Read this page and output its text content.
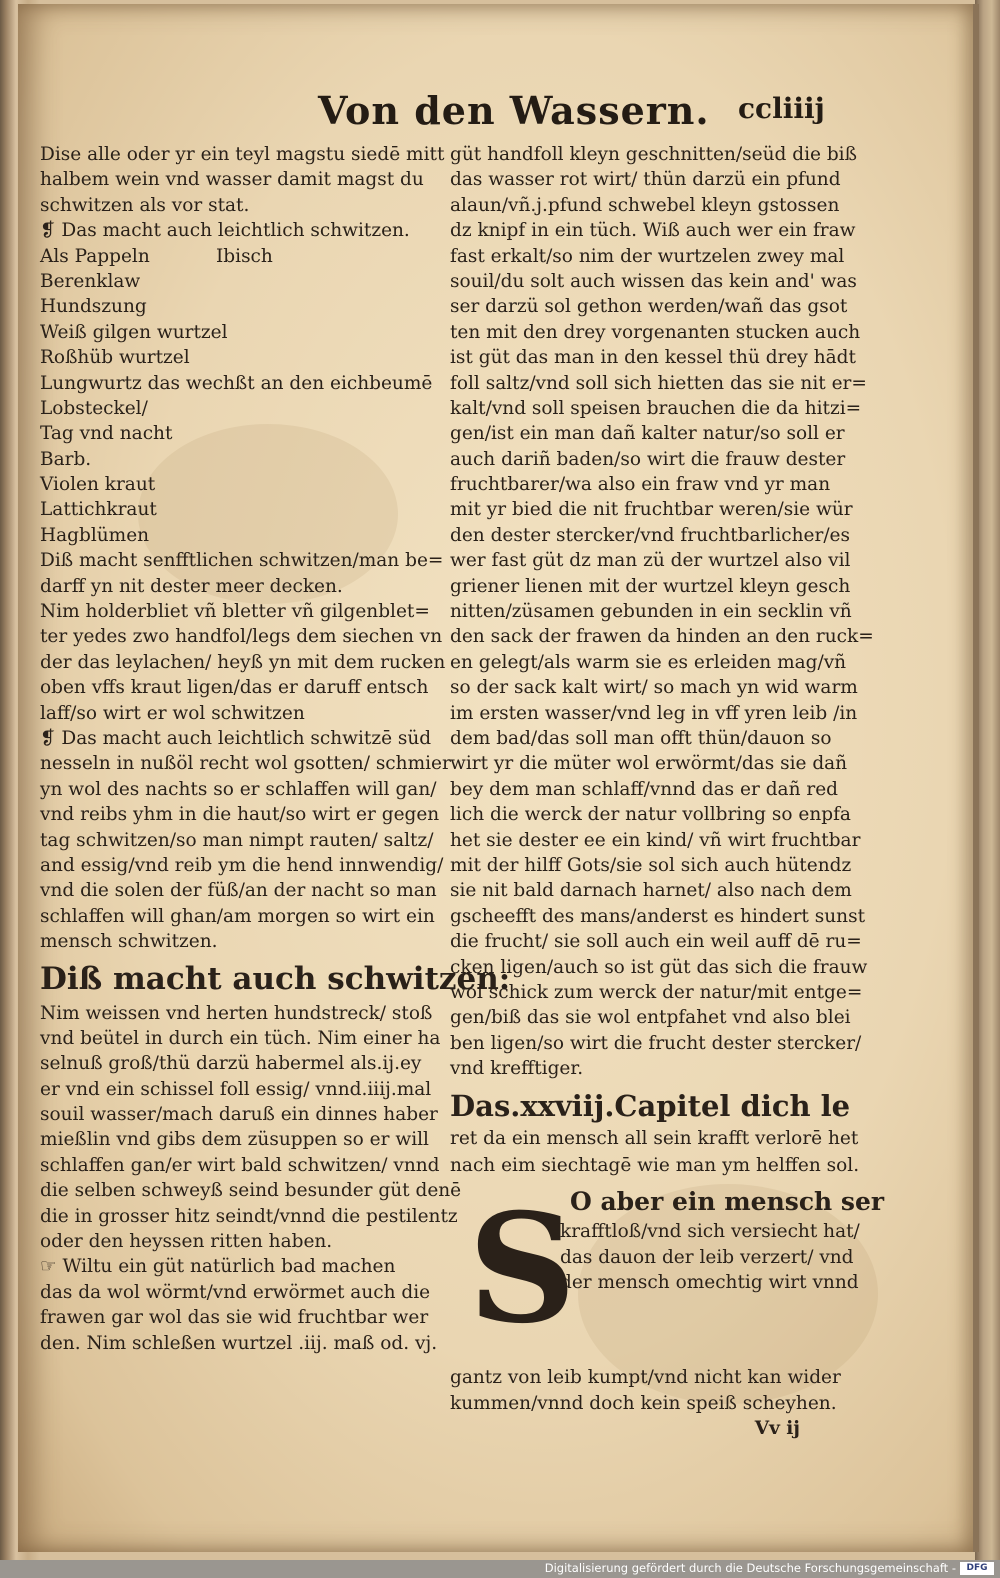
Von den Wassern. ccliiij
Dise alle oder yr ein teyl magstu siedē mitt
halbem wein vnd wasser damit magst du
schwitzen als vor stat.
❡ Das macht auch leichtlich schwitzen.
Als Pappeln	Ibisch
Berenklaw
Hundszung
Weiß gilgen wurtzel
Roßhüb wurtzel
Lungwurtz das wechßt an den eichbeumē
Lobsteckel/
Tag vnd nacht
Barb.
Violen kraut
Lattichkraut
Hagblümen
Diß macht senfftlichen schwitzen/man be=
darff yn nit dester meer decken.
Nim holderbliet vñ bletter vñ gilgenblet=
ter yedes zwo handfol/legs dem siechen vn
der das leylachen/ heyß yn mit dem rucken
oben vffs kraut ligen/das er daruff entsch
laff/so wirt er wol schwitzen
❡ Das macht auch leichtlich schwitzē süd
nesseln in nußöl recht wol gsotten/ schmier
yn wol des nachts so er schlaffen will gan/
vnd reibs yhm in die haut/so wirt er gegen
tag schwitzen/so man nimpt rauten/ saltz/
and essig/vnd reib ym die hend innwendig/
vnd die solen der füß/an der nacht so man
schlaffen will ghan/am morgen so wirt ein
mensch schwitzen.
Diß macht auch schwitzen:
Nim weissen vnd herten hundstreck/ stoß
vnd beütel in durch ein tüch. Nim einer ha
selnuß groß/thü darzü habermel als.ij.ey
er vnd ein schissel foll essig/ vnnd.iiij.mal
souil wasser/mach daruß ein dinnes haber
mießlin vnd gibs dem züsuppen so er will
schlaffen gan/er wirt bald schwitzen/ vnnd
die selben schweyß seind besunder güt denē
die in grosser hitz seindt/vnnd die pestilentz
oder den heyssen ritten haben.
☞ Wiltu ein güt natürlich bad machen
das da wol wörmt/vnd erwörmet auch die
frawen gar wol das sie wid fruchtbar wer
den. Nim schleßen wurtzel .iij. maß od. vj.
güt handfoll kleyn geschnitten/seüd die biß
das wasser rot wirt/ thün darzü ein pfund
alaun/vñ.j.pfund schwebel kleyn gstossen
dz knipf in ein tüch. Wiß auch wer ein fraw
fast erkalt/so nim der wurtzelen zwey mal
souil/du solt auch wissen das kein and' was
ser darzü sol gethon werden/wañ das gsot
ten mit den drey vorgenanten stucken auch
ist güt das man in den kessel thü drey hādt
foll saltz/vnd soll sich hietten das sie nit er=
kalt/vnd soll speisen brauchen die da hitzi=
gen/ist ein man dañ kalter natur/so soll er
auch dariñ baden/so wirt die frauw dester
fruchtbarer/wa also ein fraw vnd yr man
mit yr bied die nit fruchtbar weren/sie wür
den dester stercker/vnd fruchtbarlicher/es
wer fast güt dz man zü der wurtzel also vil
griener lienen mit der wurtzel kleyn gesch
nitten/züsamen gebunden in ein secklin vñ
den sack der frawen da hinden an den ruck=
en gelegt/als warm sie es erleiden mag/vñ
so der sack kalt wirt/ so mach yn wid warm
im ersten wasser/vnd leg in vff yren leib /in
dem bad/das soll man offt thün/dauon so
wirt yr die müter wol erwörmt/das sie dañ
bey dem man schlaff/vnnd das er dañ red
lich die werck der natur vollbring so enpfa
het sie dester ee ein kind/ vñ wirt fruchtbar
mit der hilff Gots/sie sol sich auch hütendz
sie nit bald darnach harnet/ also nach dem
gscheefft des mans/anderst es hindert sunst
die frucht/ sie soll auch ein weil auff dē ru=
cken ligen/auch so ist güt das sich die frauw
wol schick zum werck der natur/mit entge=
gen/biß das sie wol entpfahet vnd also blei
ben ligen/so wirt die frucht dester stercker/
vnd krefftiger.
Das.xxviij.Capitel dich le
ret da ein mensch all sein krafft verlorē het
nach eim siechtagē wie man ym helffen sol.
S
O aber ein mensch ser
krafftloß/vnd sich versiecht hat/
das dauon der leib verzert/ vnd
der mensch omechtig wirt vnnd
gantz von leib kumpt/vnd nicht kan wider
kummen/vnnd doch kein speiß scheyhen.
Vv ij
Digitalisierung gefördert durch die Deutsche Forschungsgemeinschaft -	DFG
